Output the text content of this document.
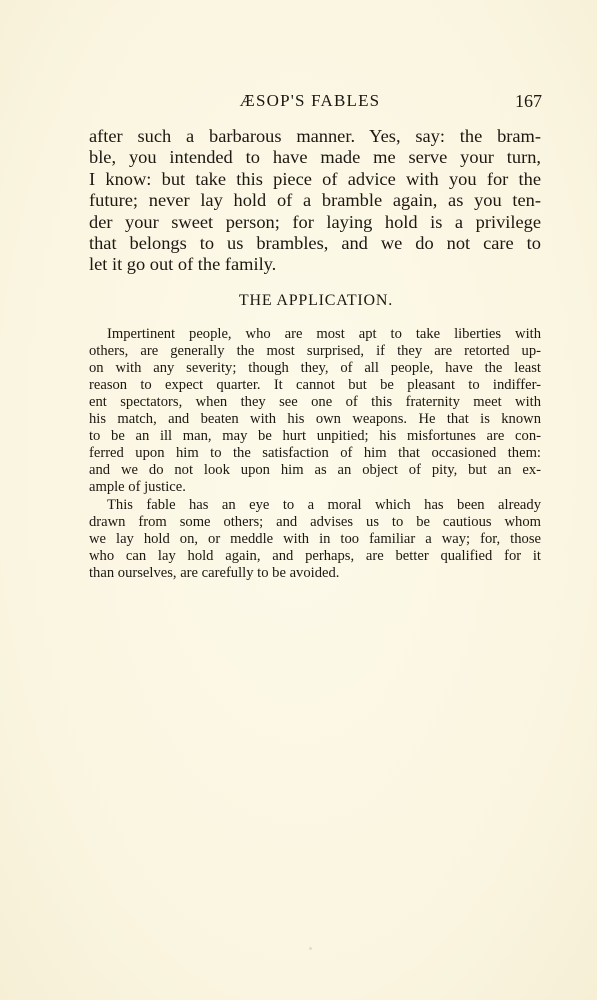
ÆSOP'S FABLES	167
after such a barbarous manner. Yes, say: the bram-
ble, you intended to have made me serve your turn,
I know: but take this piece of advice with you for the
future; never lay hold of a bramble again, as you ten-
der your sweet person; for laying hold is a privilege
that belongs to us brambles, and we do not care to
let it go out of the family.
THE APPLICATION.
Impertinent people, who are most apt to take liberties with
others, are generally the most surprised, if they are retorted up-
on with any severity; though they, of all people, have the least
reason to expect quarter. It cannot but be pleasant to indiffer-
ent spectators, when they see one of this fraternity meet with
his match, and beaten with his own weapons. He that is known
to be an ill man, may be hurt unpitied; his misfortunes are con-
ferred upon him to the satisfaction of him that occasioned them:
and we do not look upon him as an object of pity, but an ex-
ample of justice.
This fable has an eye to a moral which has been already
drawn from some others; and advises us to be cautious whom
we lay hold on, or meddle with in too familiar a way; for, those
who can lay hold again, and perhaps, are better qualified for it
than ourselves, are carefully to be avoided.
